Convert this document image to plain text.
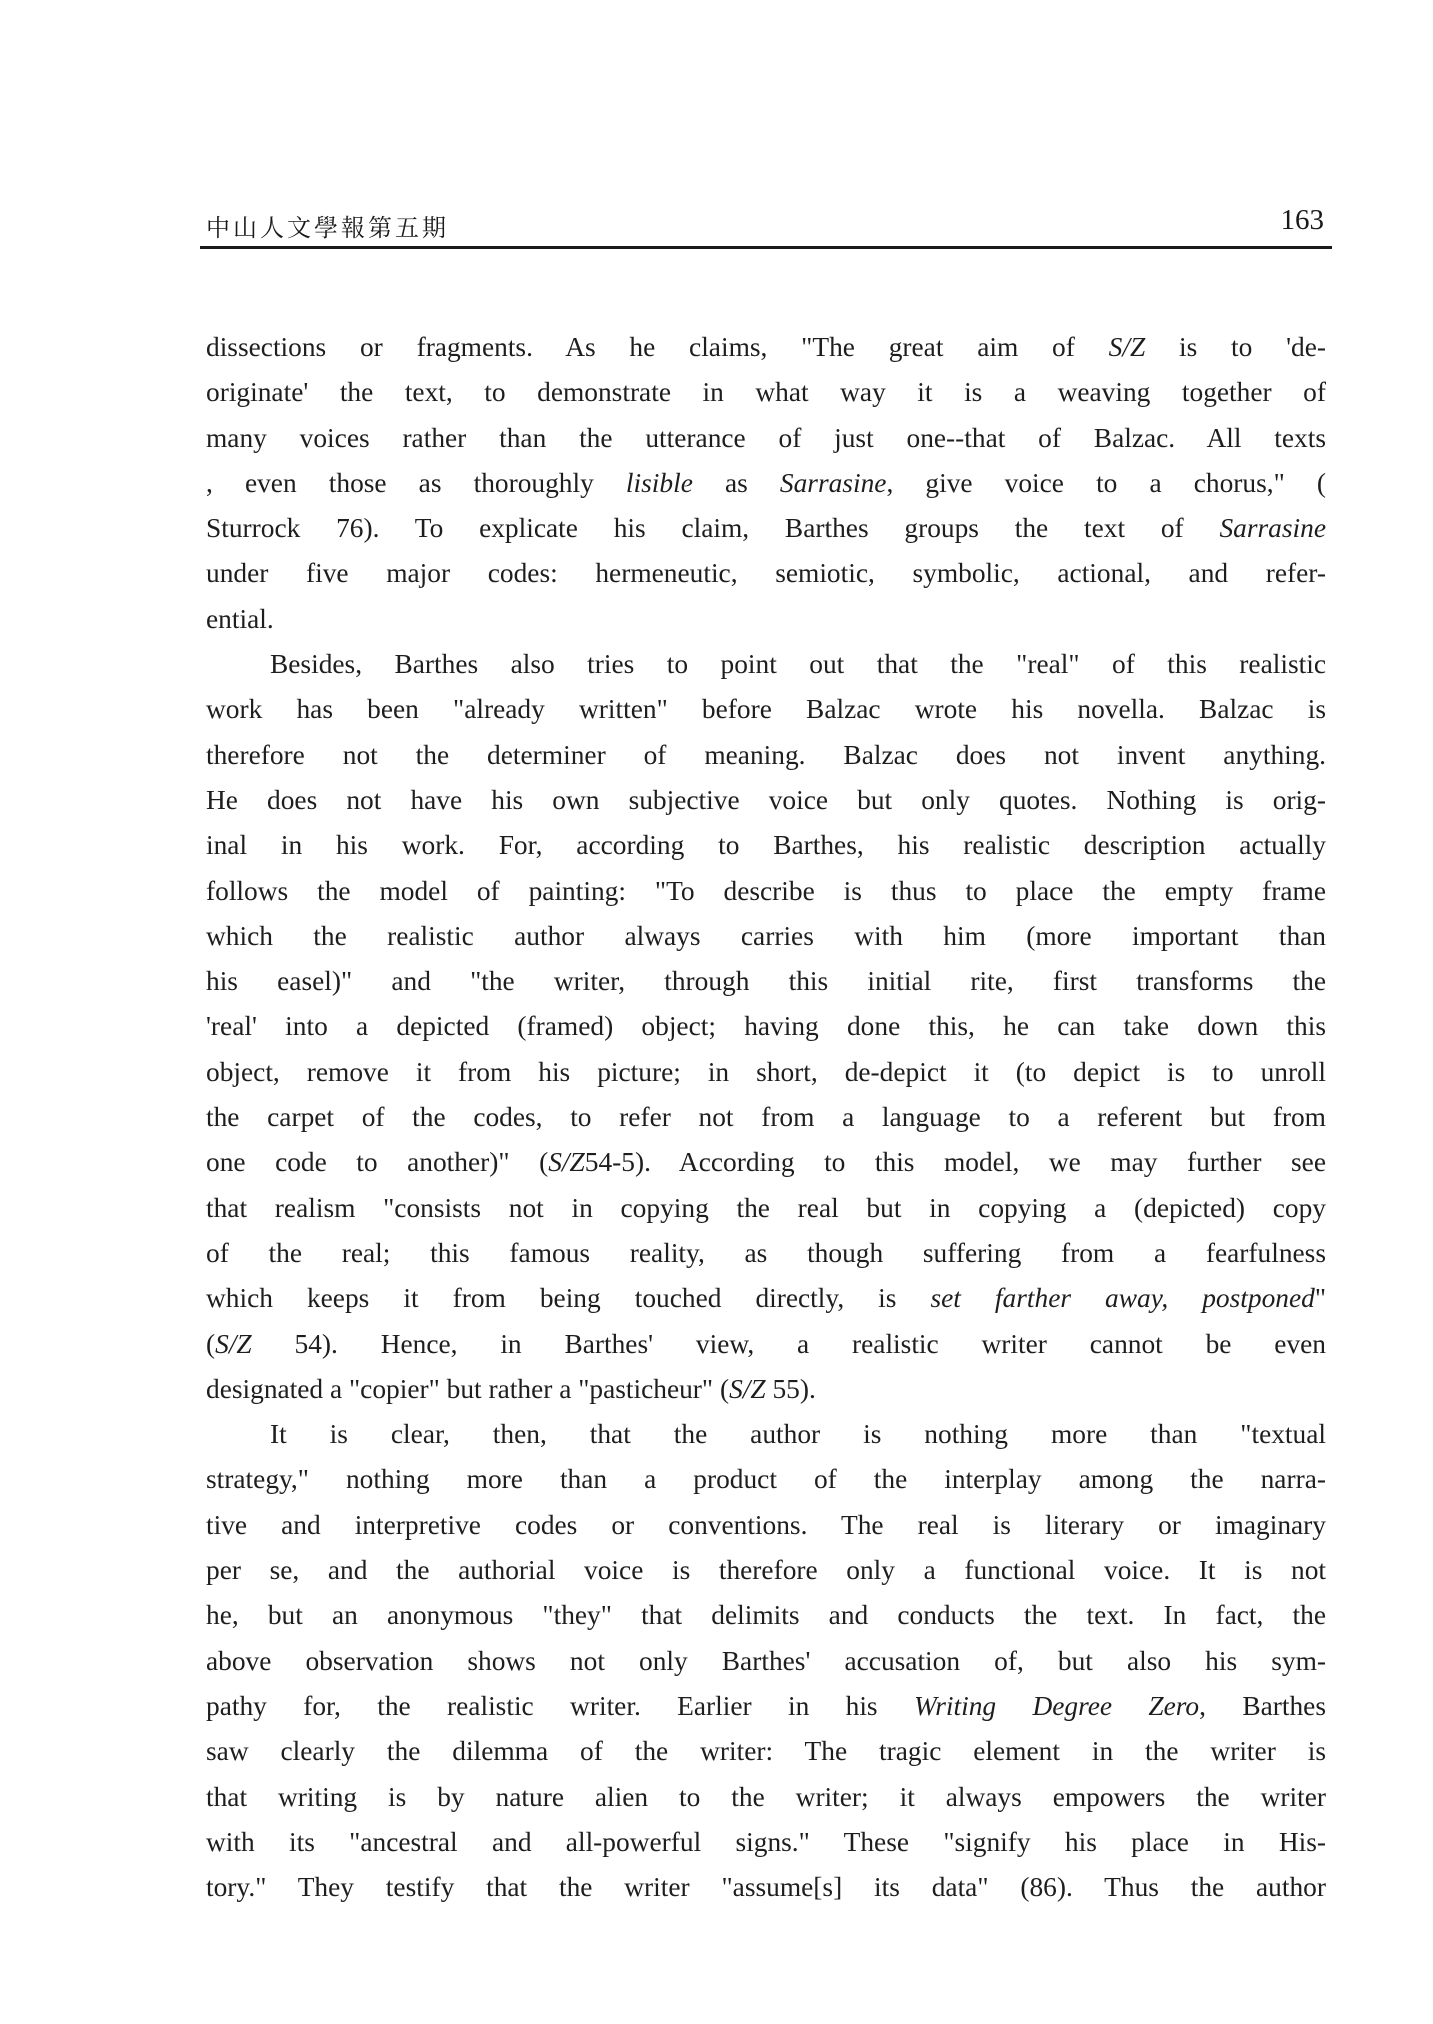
中山人文學報第五期	163
dissections or fragments. As he claims, "The great aim of S/Z is to 'de-
originate' the text, to demonstrate in what way it is a weaving together of
many voices rather than the utterance of just one--that of Balzac. All texts
, even those as thoroughly lisible as Sarrasine, give voice to a chorus," (
Sturrock 76). To explicate his claim, Barthes groups the text of Sarrasine
under five major codes: hermeneutic, semiotic, symbolic, actional, and refer-
ential.
Besides, Barthes also tries to point out that the "real" of this realistic
work has been "already written" before Balzac wrote his novella. Balzac is
therefore not the determiner of meaning. Balzac does not invent anything.
He does not have his own subjective voice but only quotes. Nothing is orig-
inal in his work. For, according to Barthes, his realistic description actually
follows the model of painting: "To describe is thus to place the empty frame
which the realistic author always carries with him (more important than
his easel)" and "the writer, through this initial rite, first transforms the
'real' into a depicted (framed) object; having done this, he can take down this
object, remove it from his picture; in short, de-depict it (to depict is to unroll
the carpet of the codes, to refer not from a language to a referent but from
one code to another)" (S/Z54-5). According to this model, we may further see
that realism "consists not in copying the real but in copying a (depicted) copy
of the real; this famous reality, as though suffering from a fearfulness
which keeps it from being touched directly, is set farther away, postponed"
(S/Z 54). Hence, in Barthes' view, a realistic writer cannot be even
designated a "copier" but rather a "pasticheur" (S/Z 55).
It is clear, then, that the author is nothing more than "textual
strategy," nothing more than a product of the interplay among the narra-
tive and interpretive codes or conventions. The real is literary or imaginary
per se, and the authorial voice is therefore only a functional voice. It is not
he, but an anonymous "they" that delimits and conducts the text. In fact, the
above observation shows not only Barthes' accusation of, but also his sym-
pathy for, the realistic writer. Earlier in his Writing Degree Zero, Barthes
saw clearly the dilemma of the writer: The tragic element in the writer is
that writing is by nature alien to the writer; it always empowers the writer
with its "ancestral and all-powerful signs." These "signify his place in His-
tory." They testify that the writer "assume[s] its data" (86). Thus the author
